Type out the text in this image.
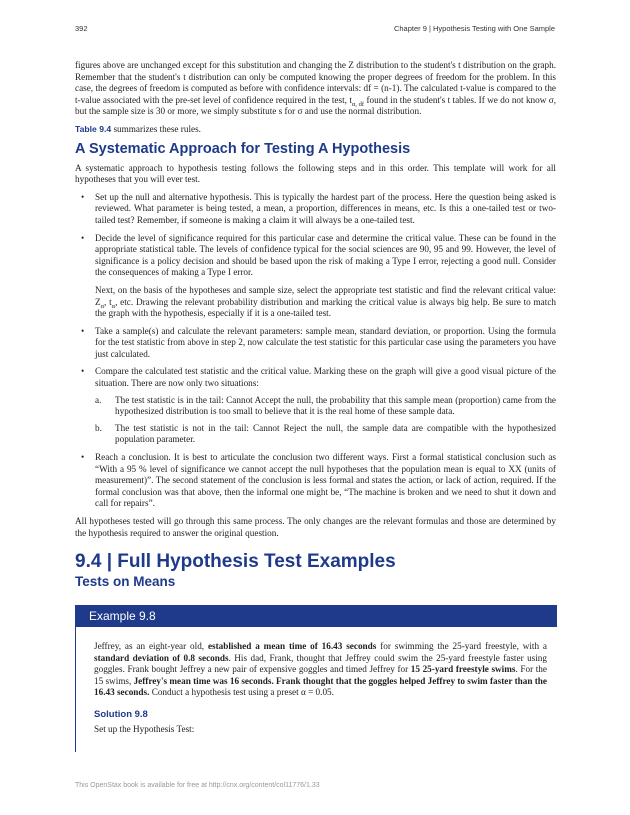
392	Chapter 9 | Hypothesis Testing with One Sample

figures above are unchanged except for this substitution and changing the Z distribution to the student's t distribution on the graph. Remember that the student's t distribution can only be computed knowing the proper degrees of freedom for the problem. In this case, the degrees of freedom is computed as before with confidence intervals: df = (n-1). The calculated t-value is compared to the t-value associated with the pre-set level of confidence required in the test, $t_{\alpha, df}$ found in the student's t tables. If we do not know σ, but the sample size is 30 or more, we simply substitute s for σ and use the normal distribution.

Table 9.4 summarizes these rules.

A Systematic Approach for Testing A Hypothesis

A systematic approach to hypothesis testing follows the following steps and in this order. This template will work for all hypotheses that you will ever test.

• Set up the null and alternative hypothesis. This is typically the hardest part of the process. Here the question being asked is reviewed. What parameter is being tested, a mean, a proportion, differences in means, etc. Is this a one-tailed test or two-tailed test? Remember, if someone is making a claim it will always be a one-tailed test.

• Decide the level of significance required for this particular case and determine the critical value. These can be found in the appropriate statistical table. The levels of confidence typical for the social sciences are 90, 95 and 99. However, the level of significance is a policy decision and should be based upon the risk of making a Type I error, rejecting a good null. Consider the consequences of making a Type I error.

Next, on the basis of the hypotheses and sample size, select the appropriate test statistic and find the relevant critical value: $Z_\alpha$, $t_\alpha$, etc. Drawing the relevant probability distribution and marking the critical value is always big help. Be sure to match the graph with the hypothesis, especially if it is a one-tailed test.

• Take a sample(s) and calculate the relevant parameters: sample mean, standard deviation, or proportion. Using the formula for the test statistic from above in step 2, now calculate the test statistic for this particular case using the parameters you have just calculated.

• Compare the calculated test statistic and the critical value. Marking these on the graph will give a good visual picture of the situation. There are now only two situations:

a. The test statistic is in the tail: Cannot Accept the null, the probability that this sample mean (proportion) came from the hypothesized distribution is too small to believe that it is the real home of these sample data.

b. The test statistic is not in the tail: Cannot Reject the null, the sample data are compatible with the hypothesized population parameter.

• Reach a conclusion. It is best to articulate the conclusion two different ways. First a formal statistical conclusion such as “With a 95 % level of significance we cannot accept the null hypotheses that the population mean is equal to XX (units of measurement)”. The second statement of the conclusion is less formal and states the action, or lack of action, required. If the formal conclusion was that above, then the informal one might be, “The machine is broken and we need to shut it down and call for repairs”.

All hypotheses tested will go through this same process. The only changes are the relevant formulas and those are determined by the hypothesis required to answer the original question.

9.4 | Full Hypothesis Test Examples
Tests on Means
Example 9.8

Jeffrey, as an eight-year old, established a mean time of 16.43 seconds for swimming the 25-yard freestyle, with a standard deviation of 0.8 seconds. His dad, Frank, thought that Jeffrey could swim the 25-yard freestyle faster using goggles. Frank bought Jeffrey a new pair of expensive goggles and timed Jeffrey for 15 25-yard freestyle swims. For the 15 swims, Jeffrey's mean time was 16 seconds. Frank thought that the goggles helped Jeffrey to swim faster than the 16.43 seconds. Conduct a hypothesis test using a preset α = 0.05.

Solution 9.8

Set up the Hypothesis Test:

This OpenStax book is available for free at http://cnx.org/content/col11776/1.33
